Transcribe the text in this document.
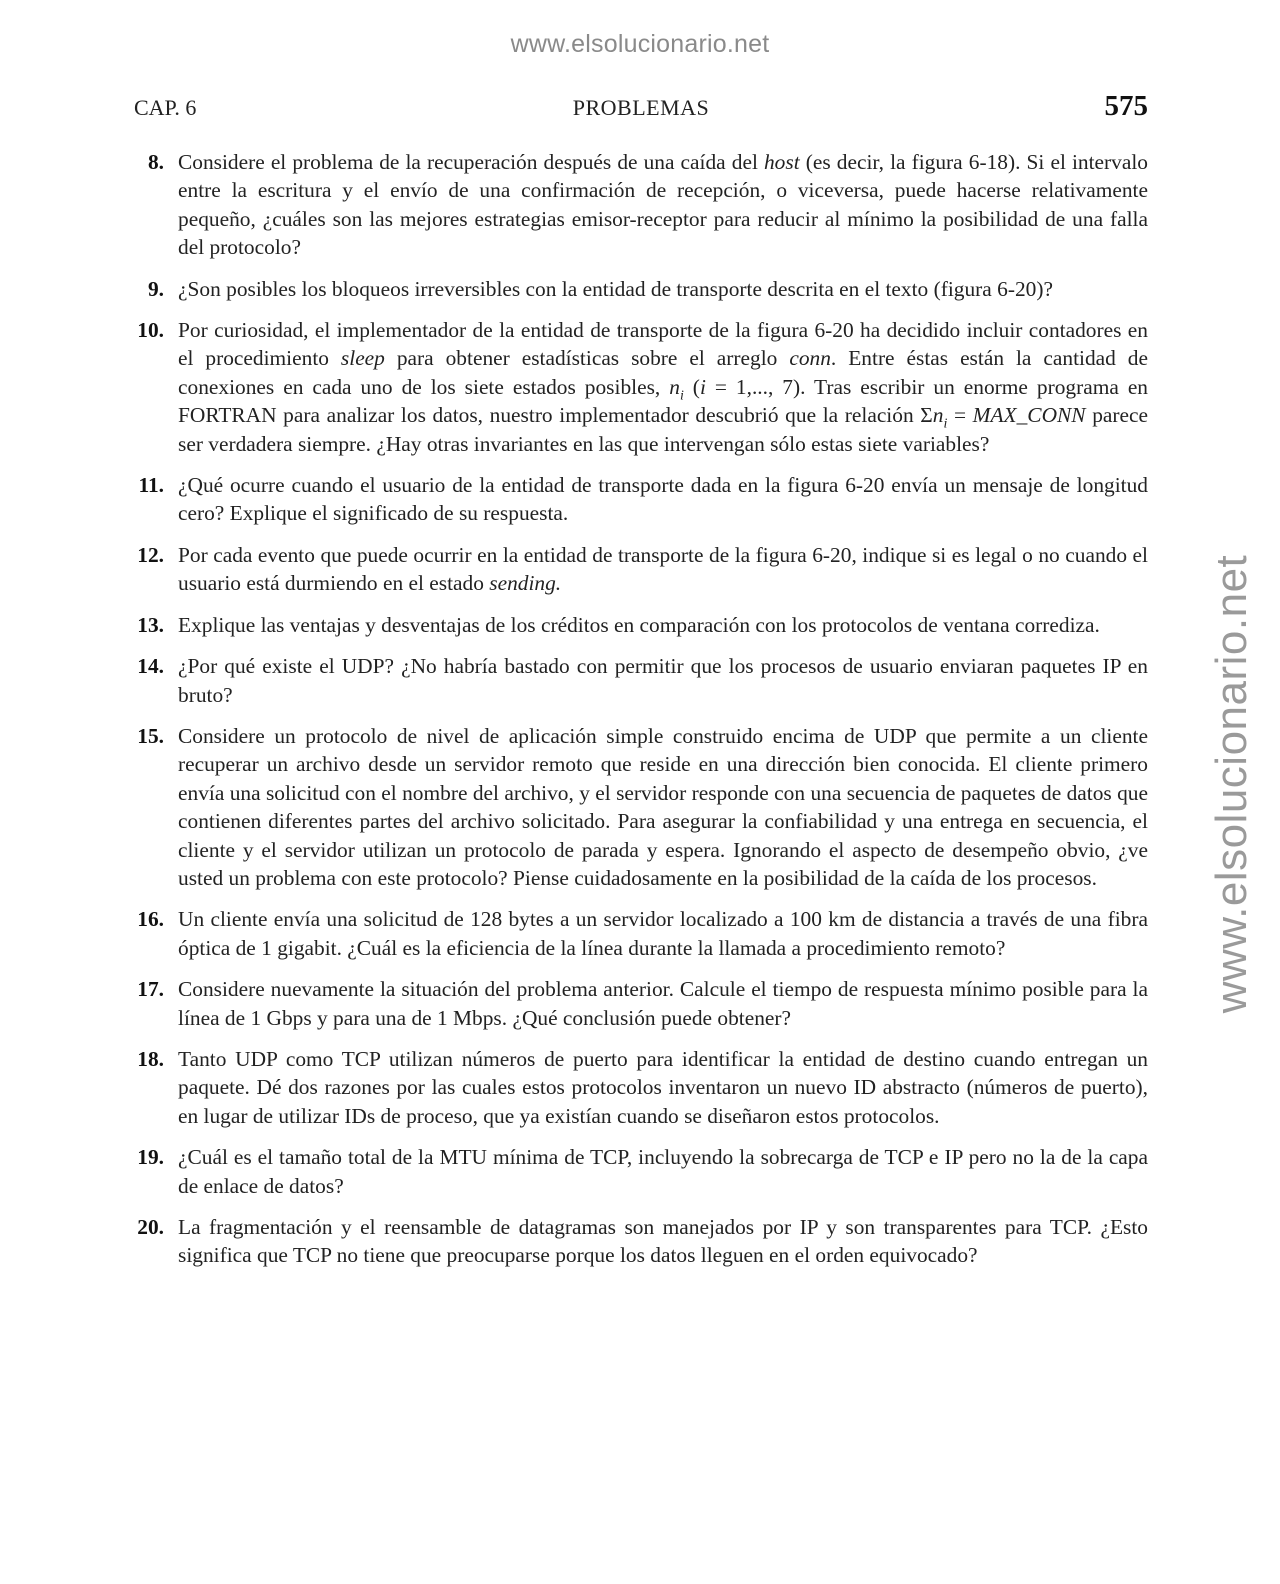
www.elsolucionario.net
www.elsolucionario.net
CAP. 6	PROBLEMAS	575
8. Considere el problema de la recuperación después de una caída del host (es decir, la figura 6-18). Si el intervalo entre la escritura y el envío de una confirmación de recepción, o viceversa, puede hacerse relativamente pequeño, ¿cuáles son las mejores estrategias emisor-receptor para reducir al mínimo la posibilidad de una falla del protocolo?
9. ¿Son posibles los bloqueos irreversibles con la entidad de transporte descrita en el texto (figura 6-20)?
10. Por curiosidad, el implementador de la entidad de transporte de la figura 6-20 ha decidido incluir contadores en el procedimiento sleep para obtener estadísticas sobre el arreglo conn. Entre éstas están la cantidad de conexiones en cada uno de los siete estados posibles, $n_i$ (i = 1,..., 7). Tras escribir un enorme programa en FORTRAN para analizar los datos, nuestro implementador descubrió que la relación $\Sigma n_i$ = MAX_CONN parece ser verdadera siempre. ¿Hay otras invariantes en las que intervengan sólo estas siete variables?
11. ¿Qué ocurre cuando el usuario de la entidad de transporte dada en la figura 6-20 envía un mensaje de longitud cero? Explique el significado de su respuesta.
12. Por cada evento que puede ocurrir en la entidad de transporte de la figura 6-20, indique si es legal o no cuando el usuario está durmiendo en el estado sending.
13. Explique las ventajas y desventajas de los créditos en comparación con los protocolos de ventana corrediza.
14. ¿Por qué existe el UDP? ¿No habría bastado con permitir que los procesos de usuario enviaran paquetes IP en bruto?
15. Considere un protocolo de nivel de aplicación simple construido encima de UDP que permite a un cliente recuperar un archivo desde un servidor remoto que reside en una dirección bien conocida. El cliente primero envía una solicitud con el nombre del archivo, y el servidor responde con una secuencia de paquetes de datos que contienen diferentes partes del archivo solicitado. Para asegurar la confiabilidad y una entrega en secuencia, el cliente y el servidor utilizan un protocolo de parada y espera. Ignorando el aspecto de desempeño obvio, ¿ve usted un problema con este protocolo? Piense cuidadosamente en la posibilidad de la caída de los procesos.
16. Un cliente envía una solicitud de 128 bytes a un servidor localizado a 100 km de distancia a través de una fibra óptica de 1 gigabit. ¿Cuál es la eficiencia de la línea durante la llamada a procedimiento remoto?
17. Considere nuevamente la situación del problema anterior. Calcule el tiempo de respuesta mínimo posible para la línea de 1 Gbps y para una de 1 Mbps. ¿Qué conclusión puede obtener?
18. Tanto UDP como TCP utilizan números de puerto para identificar la entidad de destino cuando entregan un paquete. Dé dos razones por las cuales estos protocolos inventaron un nuevo ID abstracto (números de puerto), en lugar de utilizar IDs de proceso, que ya existían cuando se diseñaron estos protocolos.
19. ¿Cuál es el tamaño total de la MTU mínima de TCP, incluyendo la sobrecarga de TCP e IP pero no la de la capa de enlace de datos?
20. La fragmentación y el reensamble de datagramas son manejados por IP y son transparentes para TCP. ¿Esto significa que TCP no tiene que preocuparse porque los datos lleguen en el orden equivocado?
